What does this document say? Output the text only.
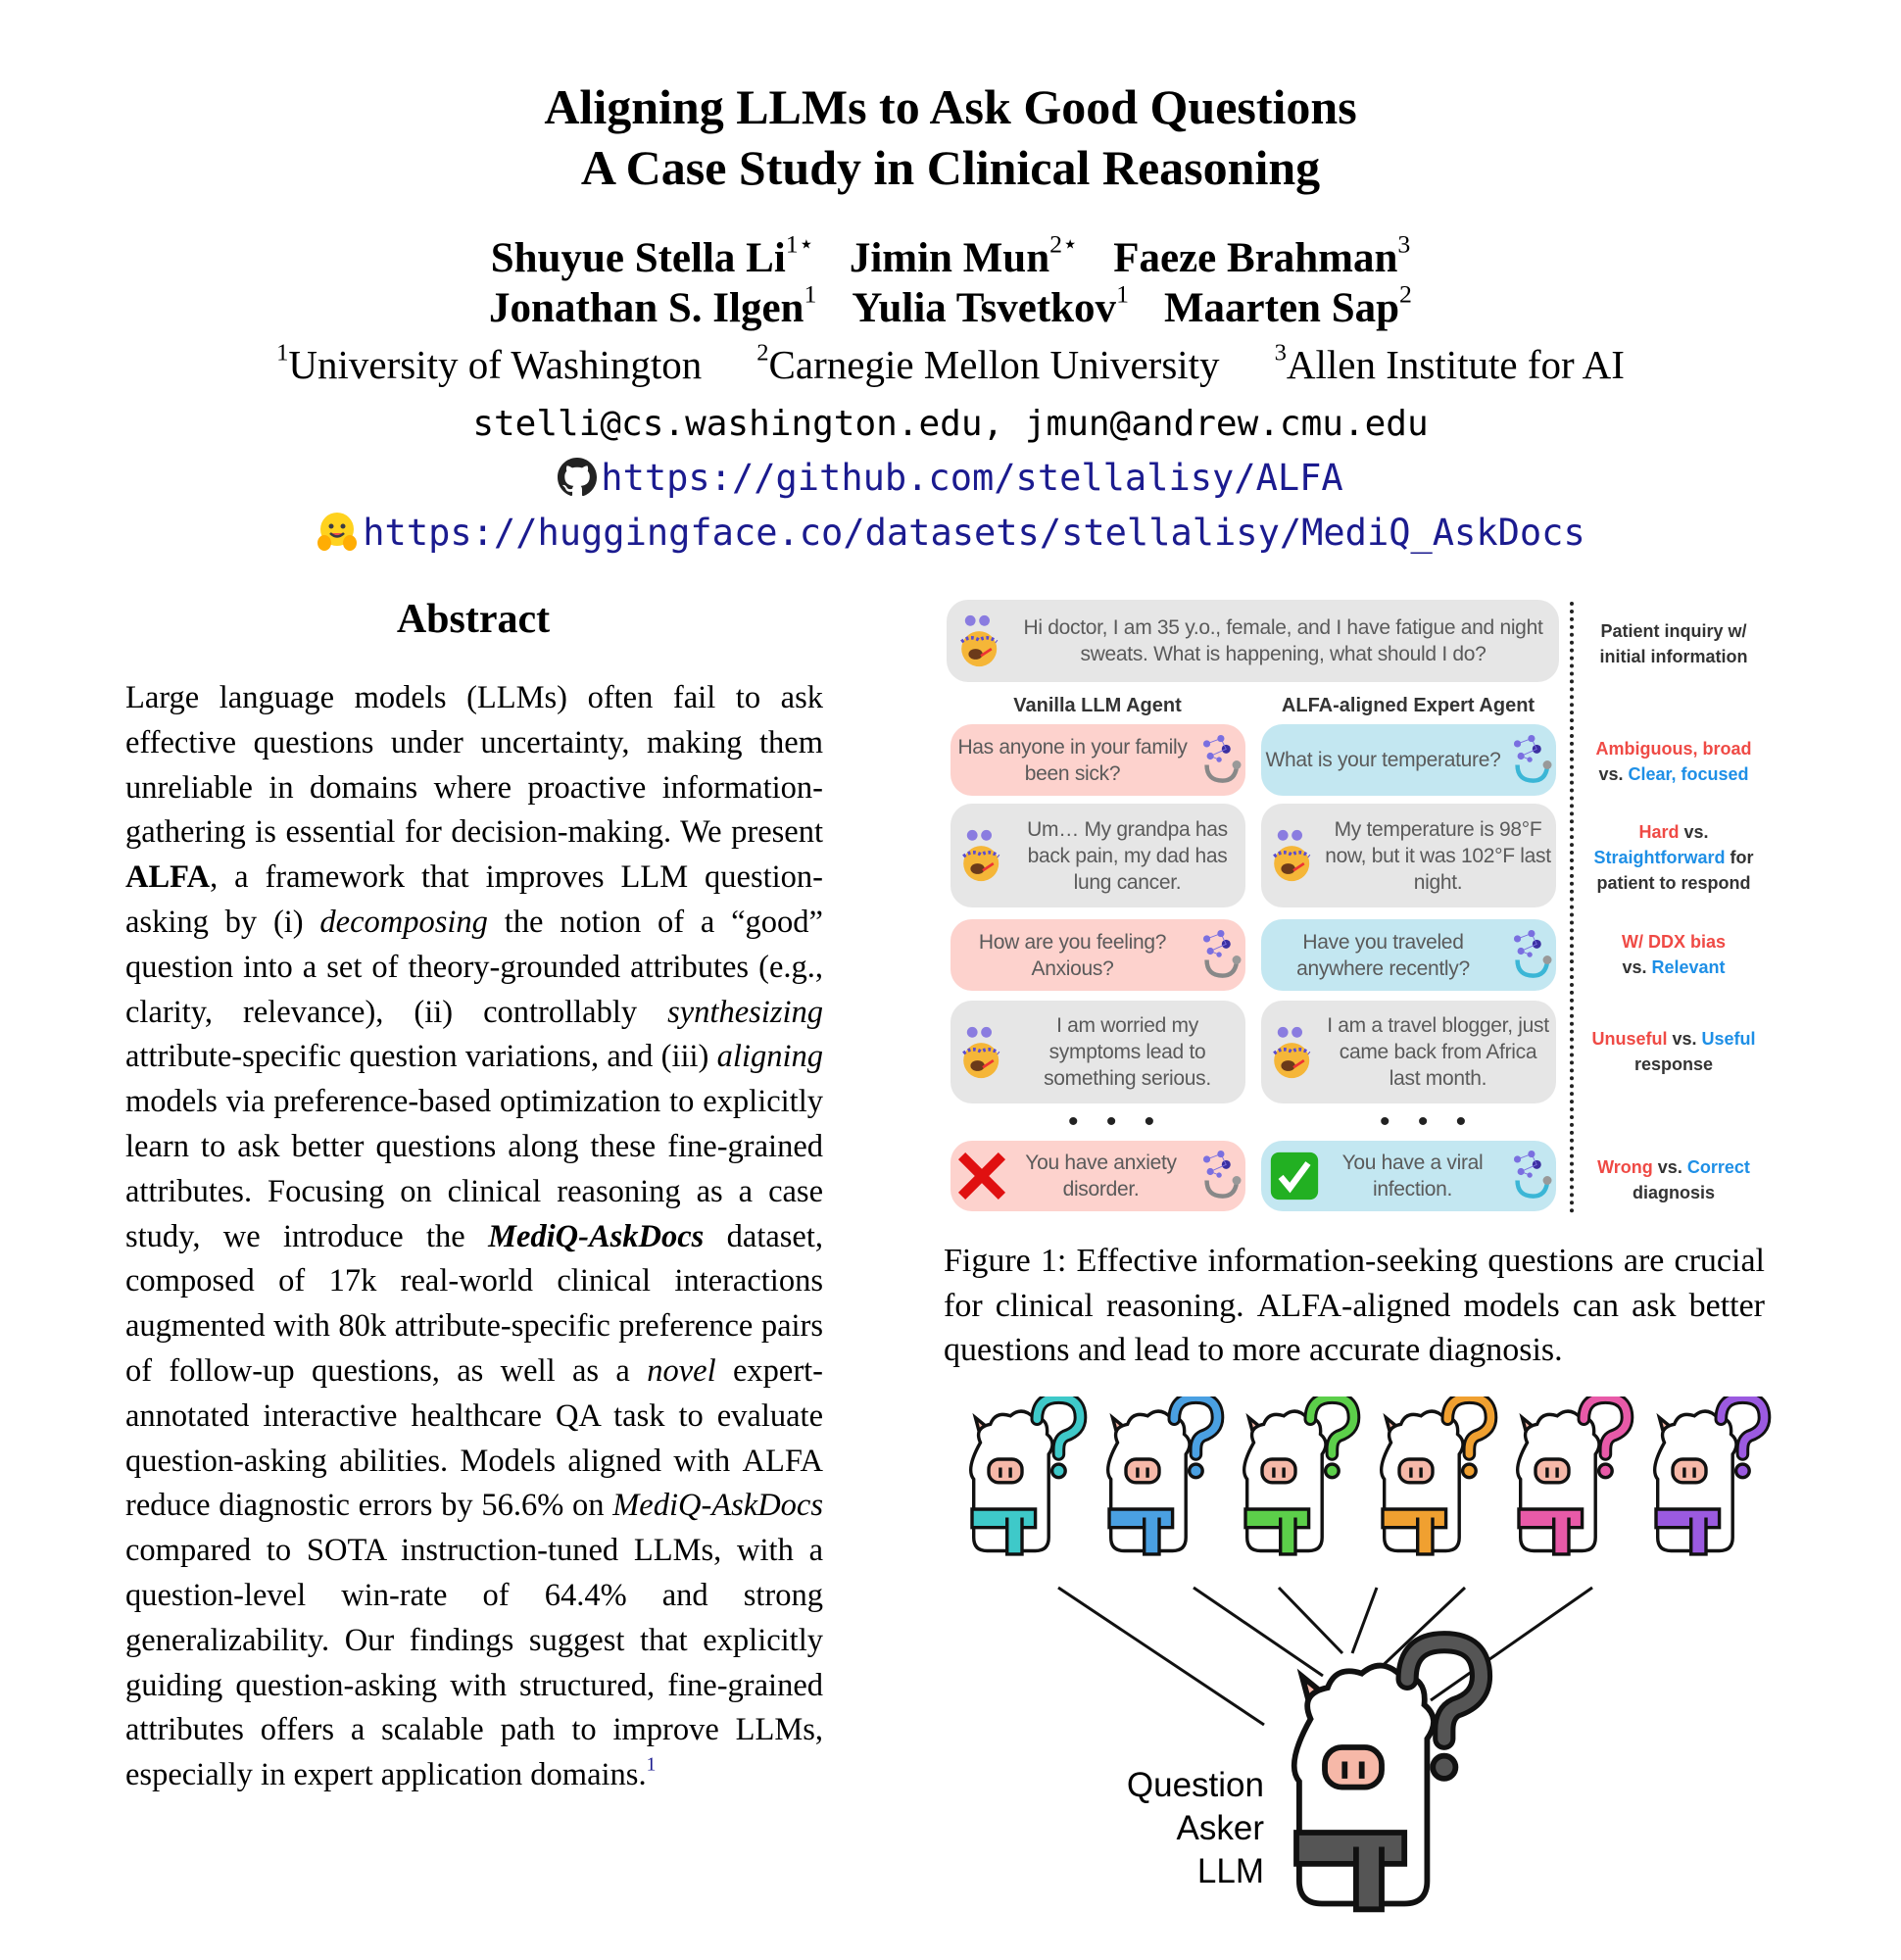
Aligning LLMs to Ask Good Questions
A Case Study in Clinical Reasoning
Shuyue Stella $Li^{1⋆}$ Jimin Mun$^{2⋆}$ Faeze Brahman$^3$
Jonathan S. Ilgen$^1$ Yulia Tsvetkov$^1$ Maarten Sap$^2$
$^1$University of Washington $^2$Carnegie Mellon University $^3$Allen Institute for AI
stelli@cs.washington.edu, jmun@andrew.cmu.edu
https://github.com/stellalisy/ALFA
https://huggingface.co/datasets/stellalisy/MediQ_AskDocs
Abstract
Large language models (LLMs) often fail to ask effective questions under uncertainty, making them unreliable in domains where proactive information-gathering is essential for decision-making. We present ALFA, a framework that improves LLM question-asking by (i) decomposing the notion of a “good” question into a set of theory-grounded attributes (e.g., clarity, relevance), (ii) controllably synthesizing attribute-specific question variations, and (iii) aligning models via preference-based optimization to explicitly learn to ask better questions along these fine-grained attributes. Focusing on clinical reasoning as a case study, we introduce the MediQ-AskDocs dataset, composed of 17k real-world clinical interactions augmented with 80k attribute-specific preference pairs of follow-up questions, as well as a novel expert-annotated interactive healthcare QA task to evaluate question-asking abilities. Models aligned with ALFA reduce diagnostic errors by 56.6% on MediQ-AskDocs compared to SOTA instruction-tuned LLMs, with a question-level win-rate of 64.4% and strong generalizability. Our findings suggest that explicitly guiding question-asking with structured, fine-grained attributes offers a scalable path to improve LLMs, especially in expert application domains.$^1$
Hi doctor, I am 35 y.o., female, and I have fatigue and night sweats. What is happening, what should I do?
Vanilla LLM Agent	ALFA-aligned Expert Agent
Has anyone in your family been sick?
What is your temperature?
Um… My grandpa has back pain, my dad has lung cancer.
My temperature is 98°F now, but it was 102°F last night.
How are you feeling? Anxious?
Have you traveled anywhere recently?
I am worried my symptoms lead to something serious.
I am a travel blogger, just came back from Africa last month.
• • •	• • •
You have anxiety disorder.
You have a viral infection.
Patient inquiry w/
initial information
Ambiguous, broad
vs. Clear, focused
Hard vs.
Straightforward for
patient to respond
W/ DDX bias
vs. Relevant
Unuseful vs. Useful
response
Wrong vs. Correct
diagnosis
Figure 1: Effective information-seeking questions are crucial for clinical reasoning. ALFA-aligned models can ask better questions and lead to more accurate diagnosis.
Question
Asker
LLM
